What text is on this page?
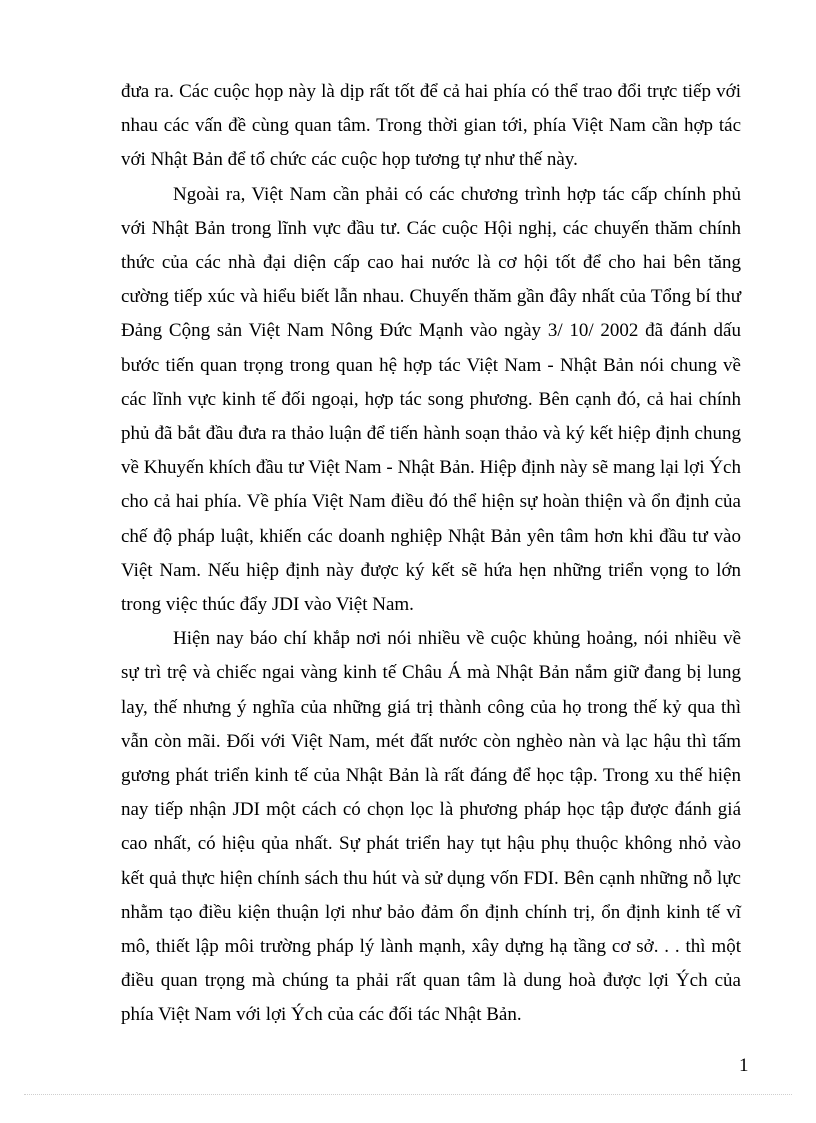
đưa ra. Các cuộc họp này là dịp rất tốt để cả hai phía có thể trao đổi trực tiếp với nhau các vấn đề cùng quan tâm. Trong thời gian tới, phía Việt Nam cần hợp tác với Nhật Bản để tổ chức các cuộc họp tương tự như thế này.

Ngoài ra, Việt Nam cần phải có các chương trình hợp tác cấp chính phủ với Nhật Bản trong lĩnh vực đầu tư. Các cuộc Hội nghị, các chuyến thăm chính thức của các nhà đại diện cấp cao hai nước là cơ hội tốt để cho hai bên tăng cường tiếp xúc và hiểu biết lẫn nhau. Chuyến thăm gần đây nhất của Tổng bí thư Đảng Cộng sản Việt Nam Nông Đức Mạnh vào ngày 3/ 10/ 2002 đã đánh dấu bước tiến quan trọng trong quan hệ hợp tác Việt Nam - Nhật Bản nói chung về các lĩnh vực kinh tế đối ngoại, hợp tác song phương. Bên cạnh đó, cả hai chính phủ đã bắt đầu đưa ra thảo luận để tiến hành soạn thảo và ký kết hiệp định chung về Khuyến khích đầu tư Việt Nam - Nhật Bản. Hiệp định này sẽ mang lại lợi Ých cho cả hai phía. Về phía Việt Nam điều đó thể hiện sự hoàn thiện và ổn định của chế độ pháp luật, khiến các doanh nghiệp Nhật Bản yên tâm hơn khi đầu tư vào Việt Nam. Nếu hiệp định này được ký kết sẽ hứa hẹn những triển vọng to lớn trong việc thúc đẩy JDI vào Việt Nam.

Hiện nay báo chí khắp nơi nói nhiều về cuộc khủng hoảng, nói nhiều về sự trì trệ và chiếc ngai vàng kinh tế Châu Á mà Nhật Bản nắm giữ đang bị lung lay, thế nhưng ý nghĩa của những giá trị thành công của họ trong thế kỷ qua thì vẫn còn mãi. Đối với Việt Nam, mét đất nước còn nghèo nàn và lạc hậu thì tấm gương phát triển kinh tế của Nhật Bản là rất đáng để học tập. Trong xu thế hiện nay tiếp nhận JDI một cách có chọn lọc là phương pháp học tập được đánh giá cao nhất, có hiệu qủa nhất. Sự phát triển hay tụt hậu phụ thuộc không nhỏ vào kết quả thực hiện chính sách thu hút và sử dụng vốn FDI. Bên cạnh những nỗ lực nhằm tạo điều kiện thuận lợi như bảo đảm ổn định chính trị, ổn định kinh tế vĩ mô, thiết lập môi trường pháp lý lành mạnh, xây dựng hạ tầng cơ sở. . . thì một điều quan trọng mà chúng ta phải rất quan tâm là dung hoà được lợi Ých của phía Việt Nam với lợi Ých của các đối tác Nhật Bản.

1
